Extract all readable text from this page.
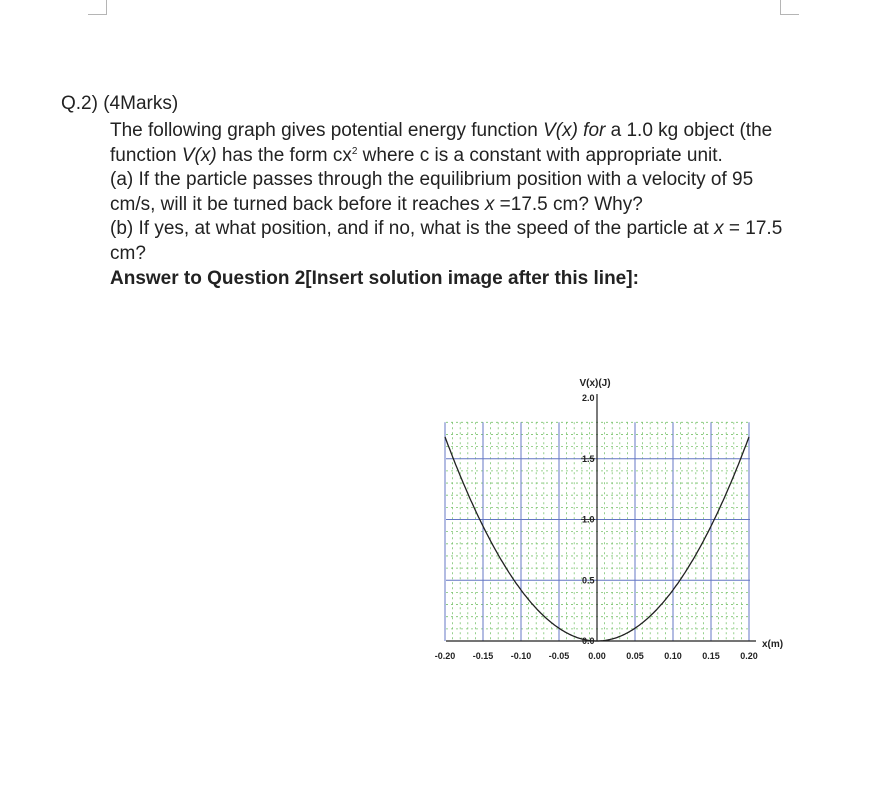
Q.2) (4Marks)

The following graph gives potential energy function V(x) for a 1.0 kg object (the function V(x) has the form $cx^2$ where c is a constant with appropriate unit.

(a) If the particle passes through the equilibrium position with a velocity of 95 cm/s, will it be turned back before it reaches x =17.5 cm? Why?

(b) If yes, at what position, and if no, what is the speed of the particle at x = 17.5 cm?

Answer to Question 2[Insert solution image after this line]:

-0.20 -0.15 -0.10 -0.05 0.00 0.05 0.10 0.15 0.20
0.0
0.5
1.0
1.5
2.0
V(x)(J)
x(m)
